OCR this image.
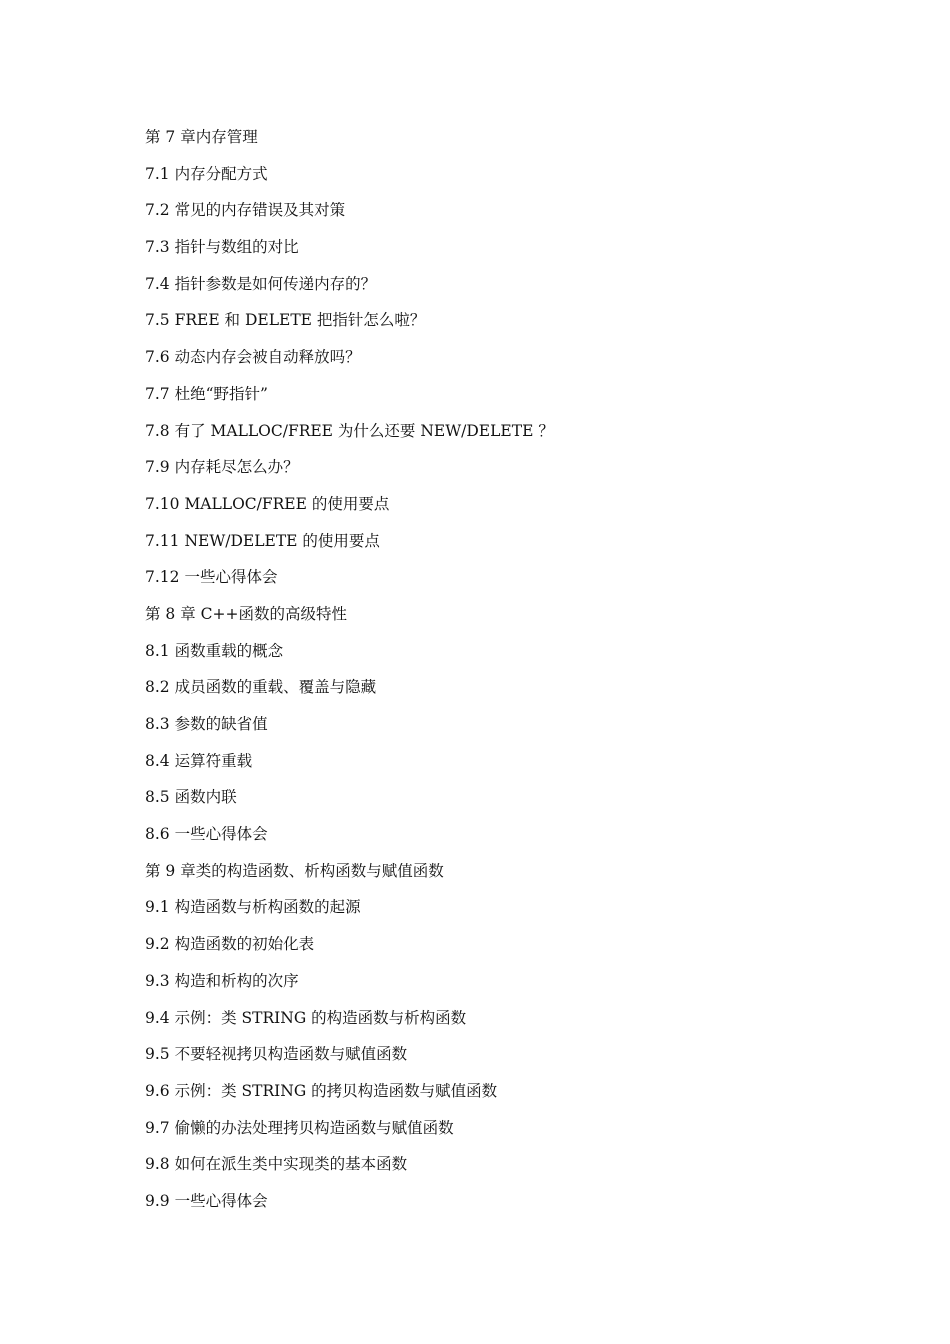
第 7 章内存管理
7.1 内存分配方式
7.2 常见的内存错误及其对策
7.3 指针与数组的对比
7.4 指针参数是如何传递内存的？
7.5 FREE 和 DELETE 把指针怎么啦？
7.6 动态内存会被自动释放吗？
7.7 杜绝“野指针”
7.8 有了 MALLOC/FREE 为什么还要 NEW/DELETE ？
7.9 内存耗尽怎么办？
7.10 MALLOC/FREE 的使用要点
7.11 NEW/DELETE 的使用要点
7.12 一些心得体会
第 8 章 C++函数的高级特性
8.1 函数重载的概念
8.2 成员函数的重载、覆盖与隐藏
8.3 参数的缺省值
8.4 运算符重载
8.5 函数内联
8.6 一些心得体会
第 9 章类的构造函数、析构函数与赋值函数
9.1 构造函数与析构函数的起源
9.2 构造函数的初始化表
9.3 构造和析构的次序
9.4 示例：类 STRING 的构造函数与析构函数
9.5 不要轻视拷贝构造函数与赋值函数
9.6 示例：类 STRING 的拷贝构造函数与赋值函数
9.7 偷懒的办法处理拷贝构造函数与赋值函数
9.8 如何在派生类中实现类的基本函数
9.9 一些心得体会
